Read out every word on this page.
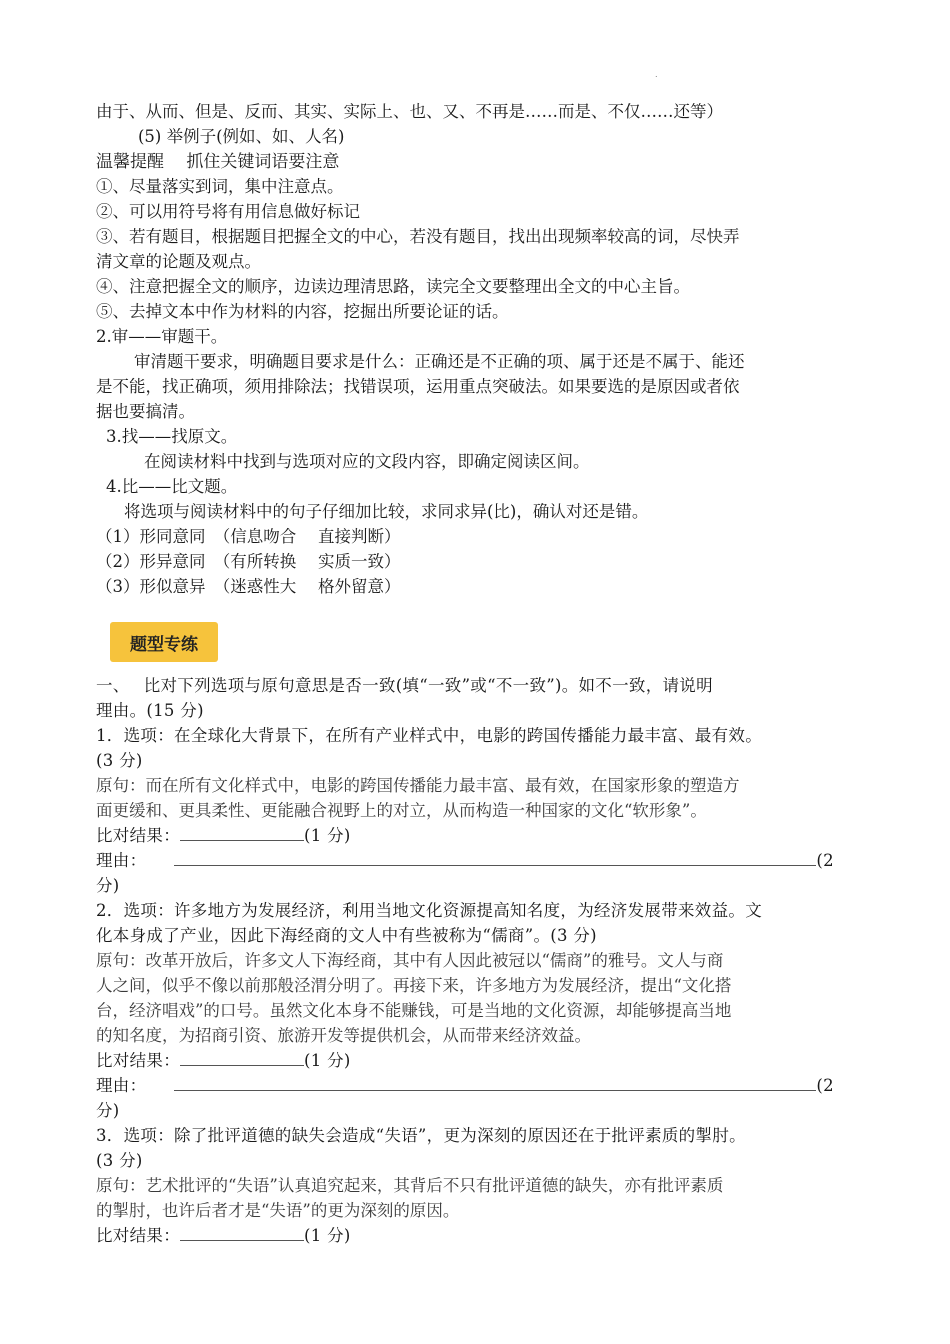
.
由于、从而、但是、反而、其实、实际上、也、又、不再是……而是、不仅……还等）
(5) 举例子(例如、如、人名)
温馨提醒　 抓住关键词语要注意
①、尽量落实到词，集中注意点。
②、可以用符号将有用信息做好标记
③、若有题目，根据题目把握全文的中心，若没有题目，找出出现频率较高的词，尽快弄
清文章的论题及观点。
④、注意把握全文的顺序，边读边理清思路，读完全文要整理出全文的中心主旨。
⑤、去掉文本中作为材料的内容，挖掘出所要论证的话。
2.审——审题干。
审清题干要求，明确题目要求是什么：正确还是不正确的项、属于还是不属于、能还
是不能，找正确项，须用排除法；找错误项，运用重点突破法。如果要选的是原因或者依
据也要搞清。
3.找——找原文。
在阅读材料中找到与选项对应的文段内容，即确定阅读区间。
4.比——比文题。
将选项与阅读材料中的句子仔细加比较，求同求异(比)，确认对还是错。
（1）形同意同　（信息吻合　 直接判断）
（2）形异意同　（有所转换　 实质一致）
（3）形似意异　（迷惑性大　 格外留意）
题型专练
一、　 比对下列选项与原句意思是否一致(填“一致”或“不一致”)。如不一致，请说明
理由。(15 分)
1．选项：在全球化大背景下，在所有产业样式中，电影的跨国传播能力最丰富、最有效。
(3 分)
原句：而在所有文化样式中，电影的跨国传播能力最丰富、最有效，在国家形象的塑造方
面更缓和、更具柔性、更能融合视野上的对立，从而构造一种国家的文化“软形象”。
比对结果：	(1 分)
理由：	(2
分)
2．选项：许多地方为发展经济，利用当地文化资源提高知名度，为经济发展带来效益。文
化本身成了产业，因此下海经商的文人中有些被称为“儒商”。(3 分)
原句：改革开放后，许多文人下海经商，其中有人因此被冠以“儒商”的雅号。文人与商
人之间，似乎不像以前那般泾渭分明了。再接下来，许多地方为发展经济，提出“文化搭
台，经济唱戏”的口号。虽然文化本身不能赚钱，可是当地的文化资源，却能够提高当地
的知名度，为招商引资、旅游开发等提供机会，从而带来经济效益。
比对结果：	(1 分)
理由：	(2
分)
3．选项：除了批评道德的缺失会造成“失语”，更为深刻的原因还在于批评素质的掣肘。
(3 分)
原句：艺术批评的“失语”认真追究起来，其背后不只有批评道德的缺失，亦有批评素质
的掣肘，也许后者才是“失语”的更为深刻的原因。
比对结果：	(1 分)
